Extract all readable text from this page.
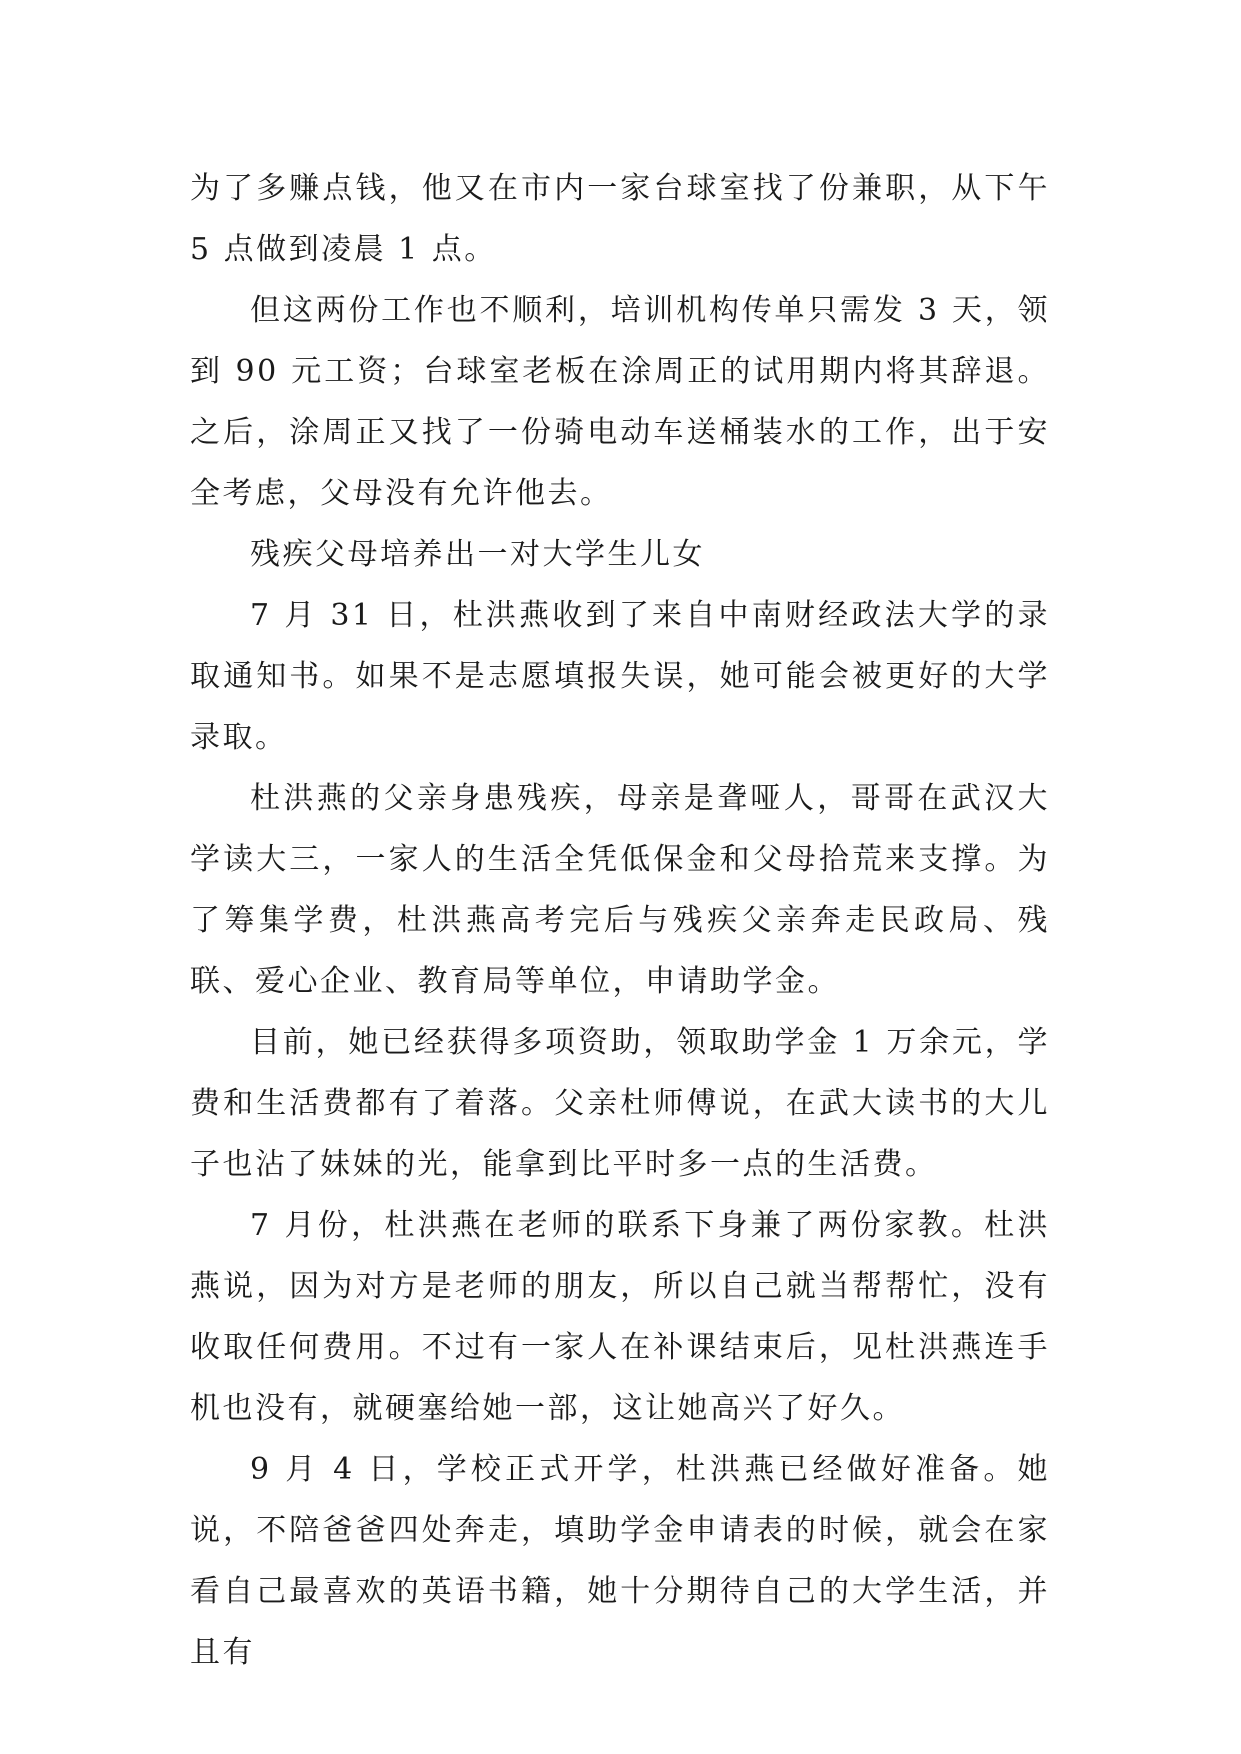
为了多赚点钱，他又在市内一家台球室找了份兼职，从下午 5 点做到凌晨 1 点。

但这两份工作也不顺利，培训机构传单只需发 3 天，领到 90 元工资；台球室老板在涂周正的试用期内将其辞退。之后，涂周正又找了一份骑电动车送桶装水的工作，出于安全考虑，父母没有允许他去。

残疾父母培养出一对大学生儿女

7 月 31 日，杜洪燕收到了来自中南财经政法大学的录取通知书。如果不是志愿填报失误，她可能会被更好的大学录取。

杜洪燕的父亲身患残疾，母亲是聋哑人，哥哥在武汉大学读大三，一家人的生活全凭低保金和父母拾荒来支撑。为了筹集学费，杜洪燕高考完后与残疾父亲奔走民政局、残联、爱心企业、教育局等单位，申请助学金。

目前，她已经获得多项资助，领取助学金 1 万余元，学费和生活费都有了着落。父亲杜师傅说，在武大读书的大儿子也沾了妹妹的光，能拿到比平时多一点的生活费。

7 月份，杜洪燕在老师的联系下身兼了两份家教。杜洪燕说，因为对方是老师的朋友，所以自己就当帮帮忙，没有收取任何费用。不过有一家人在补课结束后，见杜洪燕连手机也没有，就硬塞给她一部，这让她高兴了好久。

9 月 4 日，学校正式开学，杜洪燕已经做好准备。她说，不陪爸爸四处奔走，填助学金申请表的时候，就会在家看自己最喜欢的英语书籍，她十分期待自己的大学生活，并且有
